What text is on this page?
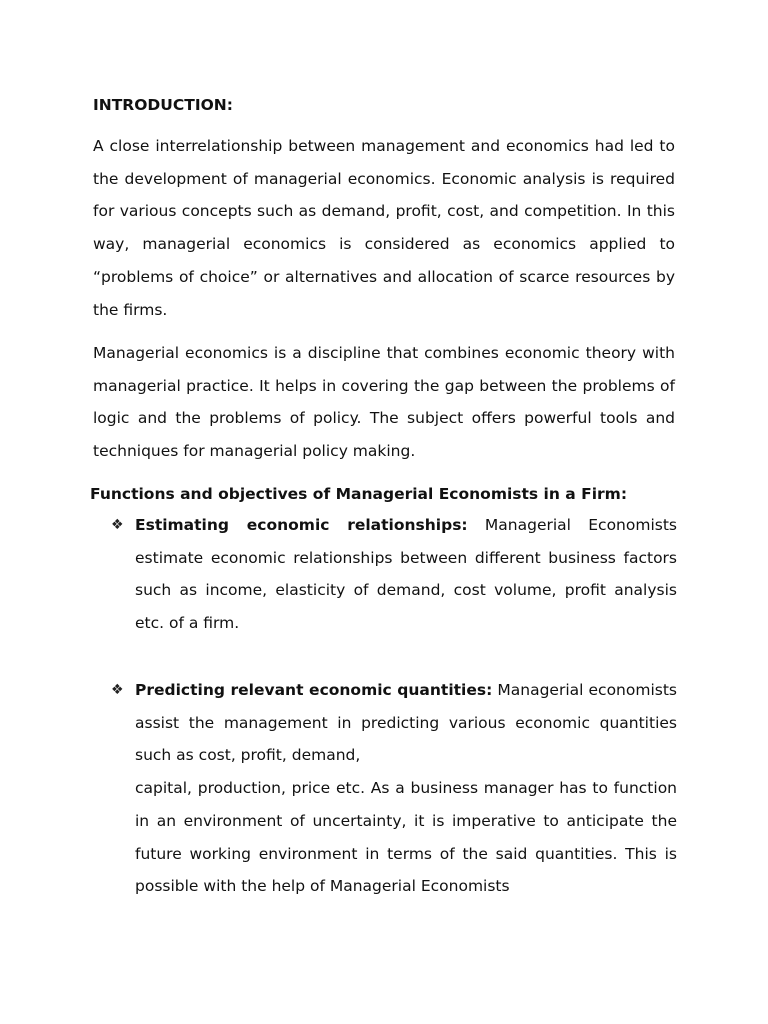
INTRODUCTION:
A close interrelationship between management and economics had led to the development of managerial economics. Economic analysis is required for various concepts such as demand, profit, cost, and competition. In this way, managerial economics is considered as economics applied to “problems of choice” or alternatives and allocation of scarce resources by the firms.
Managerial economics is a discipline that combines economic theory with managerial practice. It helps in covering the gap between the problems of logic and the problems of policy. The subject offers powerful tools and techniques for managerial policy making.
Functions and objectives of Managerial Economists in a Firm:
❖ Estimating economic relationships: Managerial Economists estimate economic relationships between different business factors such as income, elasticity of demand, cost volume, profit analysis etc. of a firm.
❖ Predicting relevant economic quantities: Managerial economists assist the management in predicting various economic quantities such as cost, profit, demand,
capital, production, price etc. As a business manager has to function in an environment of uncertainty, it is imperative to anticipate the future working environment in terms of the said quantities. This is possible with the help of Managerial Economists
